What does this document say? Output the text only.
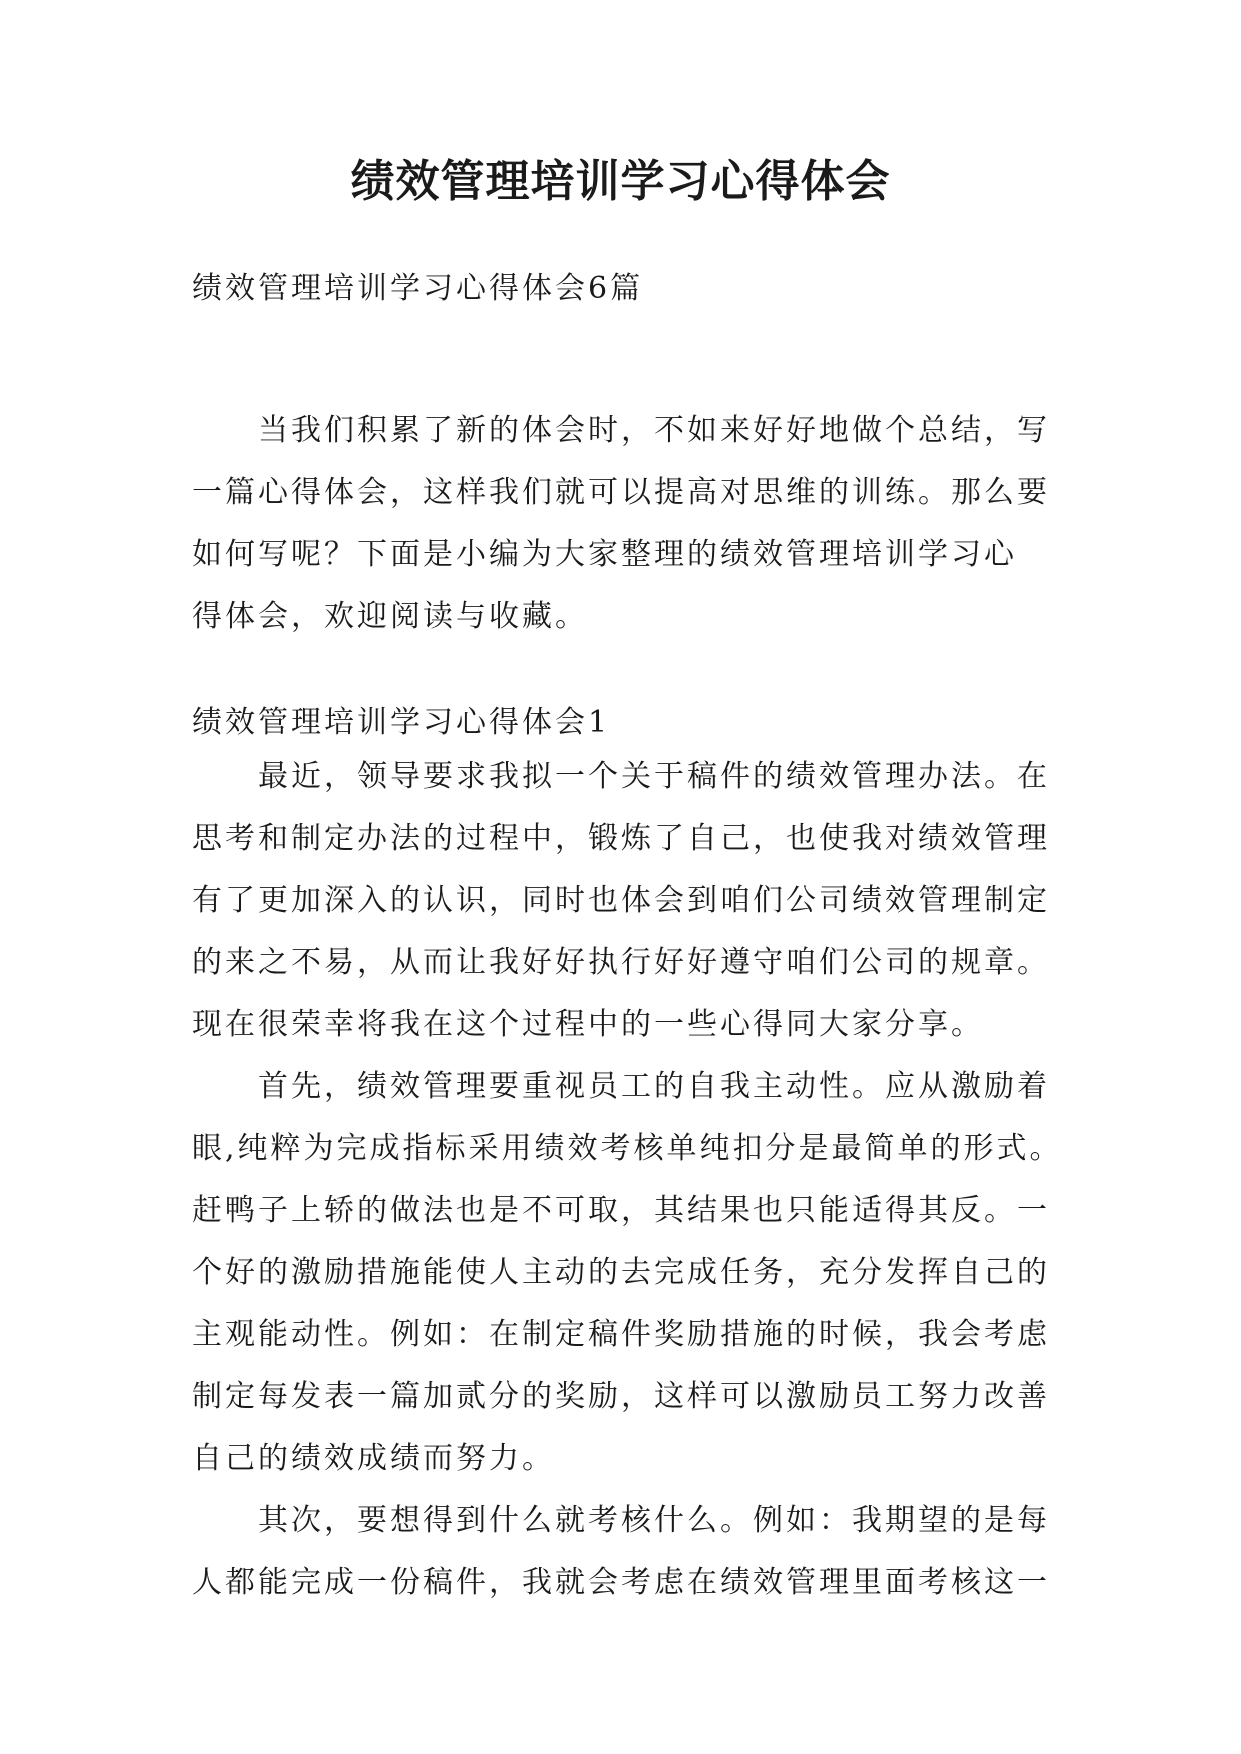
绩效管理培训学习心得体会

绩效管理培训学习心得体会6篇

当我们积累了新的体会时，不如来好好地做个总结，写
一篇心得体会，这样我们就可以提高对思维的训练。那么要
如何写呢？下面是小编为大家整理的绩效管理培训学习心
得体会，欢迎阅读与收藏。

绩效管理培训学习心得体会1

最近，领导要求我拟一个关于稿件的绩效管理办法。在
思考和制定办法的过程中，锻炼了自己，也使我对绩效管理
有了更加深入的认识，同时也体会到咱们公司绩效管理制定
的来之不易，从而让我好好执行好好遵守咱们公司的规章。
现在很荣幸将我在这个过程中的一些心得同大家分享。
首先，绩效管理要重视员工的自我主动性。应从激励着
眼,纯粹为完成指标采用绩效考核单纯扣分是最简单的形式。
赶鸭子上轿的做法也是不可取，其结果也只能适得其反。一
个好的激励措施能使人主动的去完成任务，充分发挥自己的
主观能动性。例如：在制定稿件奖励措施的时候，我会考虑
制定每发表一篇加贰分的奖励，这样可以激励员工努力改善
自己的绩效成绩而努力。
其次，要想得到什么就考核什么。例如：我期望的是每
人都能完成一份稿件，我就会考虑在绩效管理里面考核这一
